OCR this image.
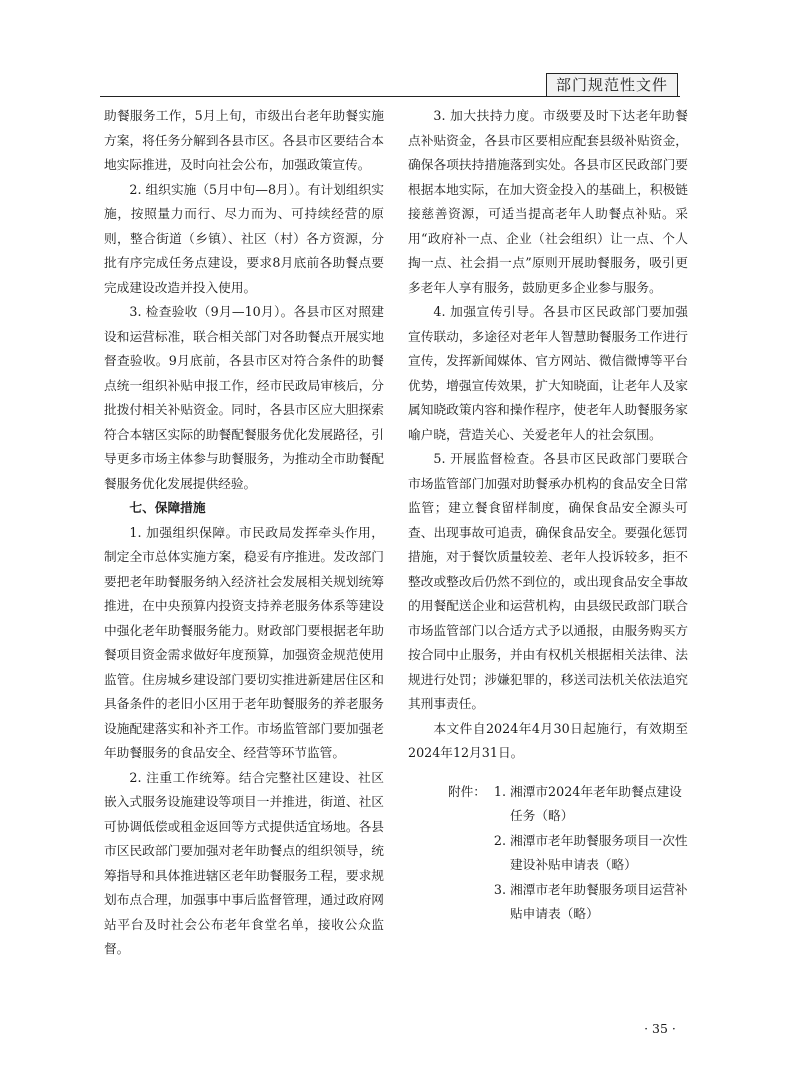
部门规范性文件

助餐服务工作，5月上旬，市级出台老年助餐实施方案，将任务分解到各县市区。各县市区要结合本地实际推进，及时向社会公布，加强政策宣传。

2. 组织实施（5月中旬—8月）。有计划组织实施，按照量力而行、尽力而为、可持续经营的原则，整合街道（乡镇）、社区（村）各方资源，分批有序完成任务点建设，要求8月底前各助餐点要完成建设改造并投入使用。

3. 检查验收（9月—10月）。各县市区对照建设和运营标准，联合相关部门对各助餐点开展实地督查验收。9月底前，各县市区对符合条件的助餐点统一组织补贴申报工作，经市民政局审核后，分批拨付相关补贴资金。同时，各县市区应大胆探索符合本辖区实际的助餐配餐服务优化发展路径，引导更多市场主体参与助餐服务，为推动全市助餐配餐服务优化发展提供经验。

七、保障措施

1. 加强组织保障。市民政局发挥牵头作用，制定全市总体实施方案，稳妥有序推进。发改部门要把老年助餐服务纳入经济社会发展相关规划统筹推进，在中央预算内投资支持养老服务体系等建设中强化老年助餐服务能力。财政部门要根据老年助餐项目资金需求做好年度预算，加强资金规范使用监管。住房城乡建设部门要切实推进新建居住区和具备条件的老旧小区用于老年助餐服务的养老服务设施配建落实和补齐工作。市场监管部门要加强老年助餐服务的食品安全、经营等环节监管。

2. 注重工作统筹。结合完整社区建设、社区嵌入式服务设施建设等项目一并推进，街道、社区可协调低偿或租金返回等方式提供适宜场地。各县市区民政部门要加强对老年助餐点的组织领导，统筹指导和具体推进辖区老年助餐服务工程，要求规划布点合理，加强事中事后监督管理，通过政府网站平台及时社会公布老年食堂名单，接收公众监督。

3. 加大扶持力度。市级要及时下达老年助餐点补贴资金，各县市区要相应配套县级补贴资金，确保各项扶持措施落到实处。各县市区民政部门要根据本地实际，在加大资金投入的基础上，积极链接慈善资源，可适当提高老年人助餐点补贴。采用“政府补一点、企业（社会组织）让一点、个人掏一点、社会捐一点”原则开展助餐服务，吸引更多老年人享有服务，鼓励更多企业参与服务。

4. 加强宣传引导。各县市区民政部门要加强宣传联动，多途径对老年人智慧助餐服务工作进行宣传，发挥新闻媒体、官方网站、微信微博等平台优势，增强宣传效果，扩大知晓面，让老年人及家属知晓政策内容和操作程序，使老年人助餐服务家喻户晓，营造关心、关爱老年人的社会氛围。

5. 开展监督检查。各县市区民政部门要联合市场监管部门加强对助餐承办机构的食品安全日常监管；建立餐食留样制度，确保食品安全源头可查、出现事故可追责，确保食品安全。要强化惩罚措施，对于餐饮质量较差、老年人投诉较多，拒不整改或整改后仍然不到位的，或出现食品安全事故的用餐配送企业和运营机构，由县级民政部门联合市场监管部门以合适方式予以通报，由服务购买方按合同中止服务，并由有权机关根据相关法律、法规进行处罚；涉嫌犯罪的，移送司法机关依法追究其刑事责任。

本文件自2024年4月30日起施行，有效期至2024年12月31日。

附件： 1. 湘潭市2024年老年助餐点建设任务（略）
2. 湘潭市老年助餐服务项目一次性建设补贴申请表（略）
3. 湘潭市老年助餐服务项目运营补贴申请表（略）
· 35 ·
